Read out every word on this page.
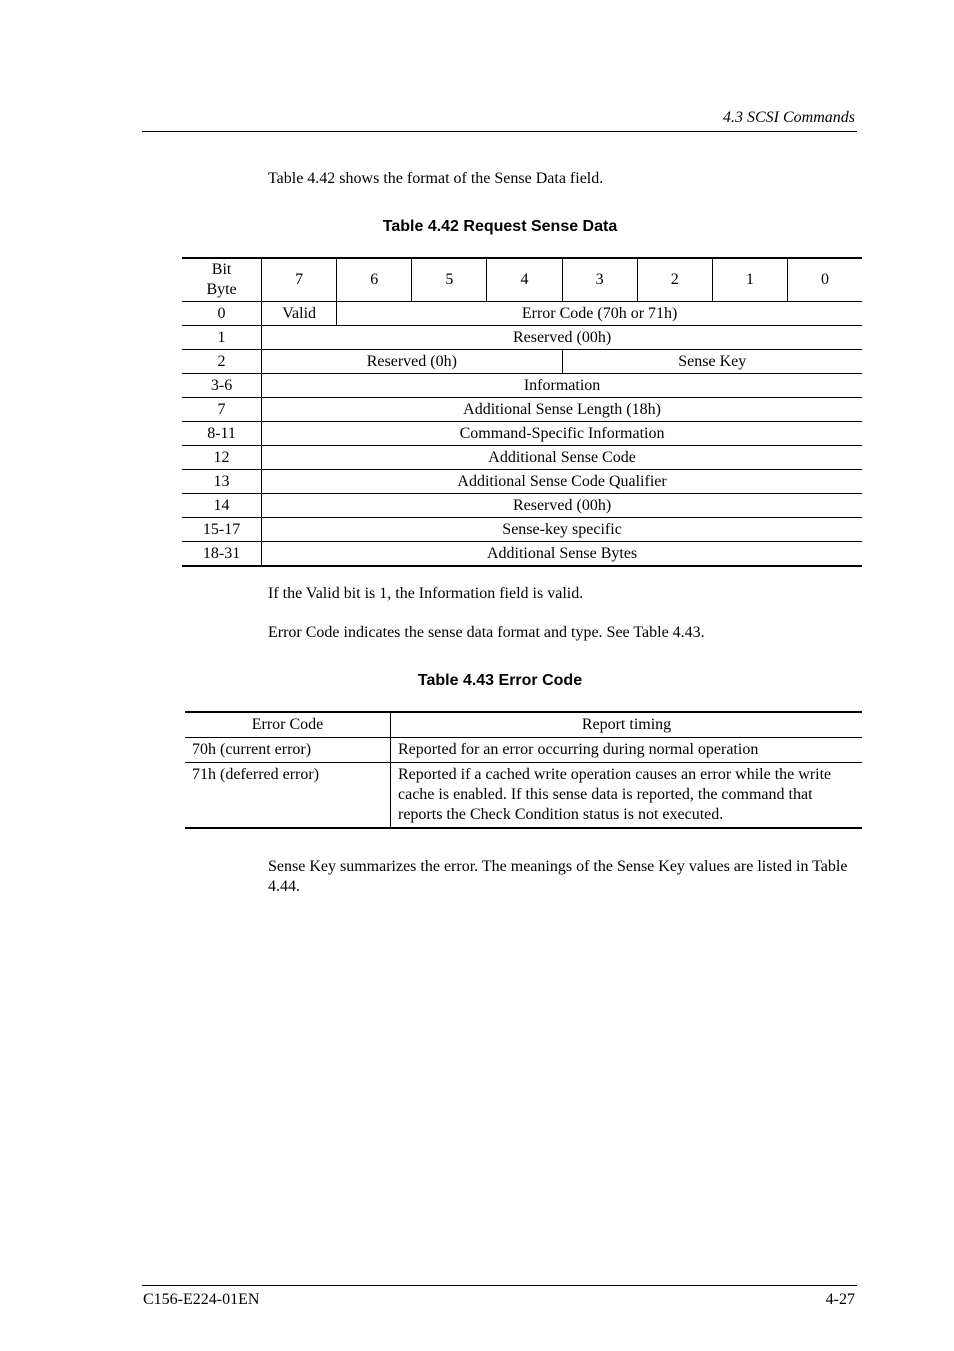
4.3 SCSI Commands
Table 4.42 shows the format of the Sense Data field.
Table 4.42 Request Sense Data
Bit
Byte	7	6	5	4	3	2	1	0
0	Valid	Error Code (70h or 71h)						
1	Reserved (00h)							
2	Reserved (0h)				Sense Key			
3-6	Information							
7	Additional Sense Length (18h)							
8-11	Command-Specific Information							
12	Additional Sense Code							
13	Additional Sense Code Qualifier							
14	Reserved (00h)							
15-17	Sense-key specific							
18-31	Additional Sense Bytes							
If the Valid bit is 1, the Information field is valid.
Error Code indicates the sense data format and type. See Table 4.43.
Table 4.43 Error Code
Error Code	Report timing
70h (current error)	Reported for an error occurring during normal operation
71h (deferred error)	Reported if a cached write operation causes an error while the write cache is enabled. If this sense data is reported, the command that reports the Check Condition status is not executed.
Sense Key summarizes the error. The meanings of the Sense Key values are listed in Table 4.44.
C156-E224-01EN	4-27
